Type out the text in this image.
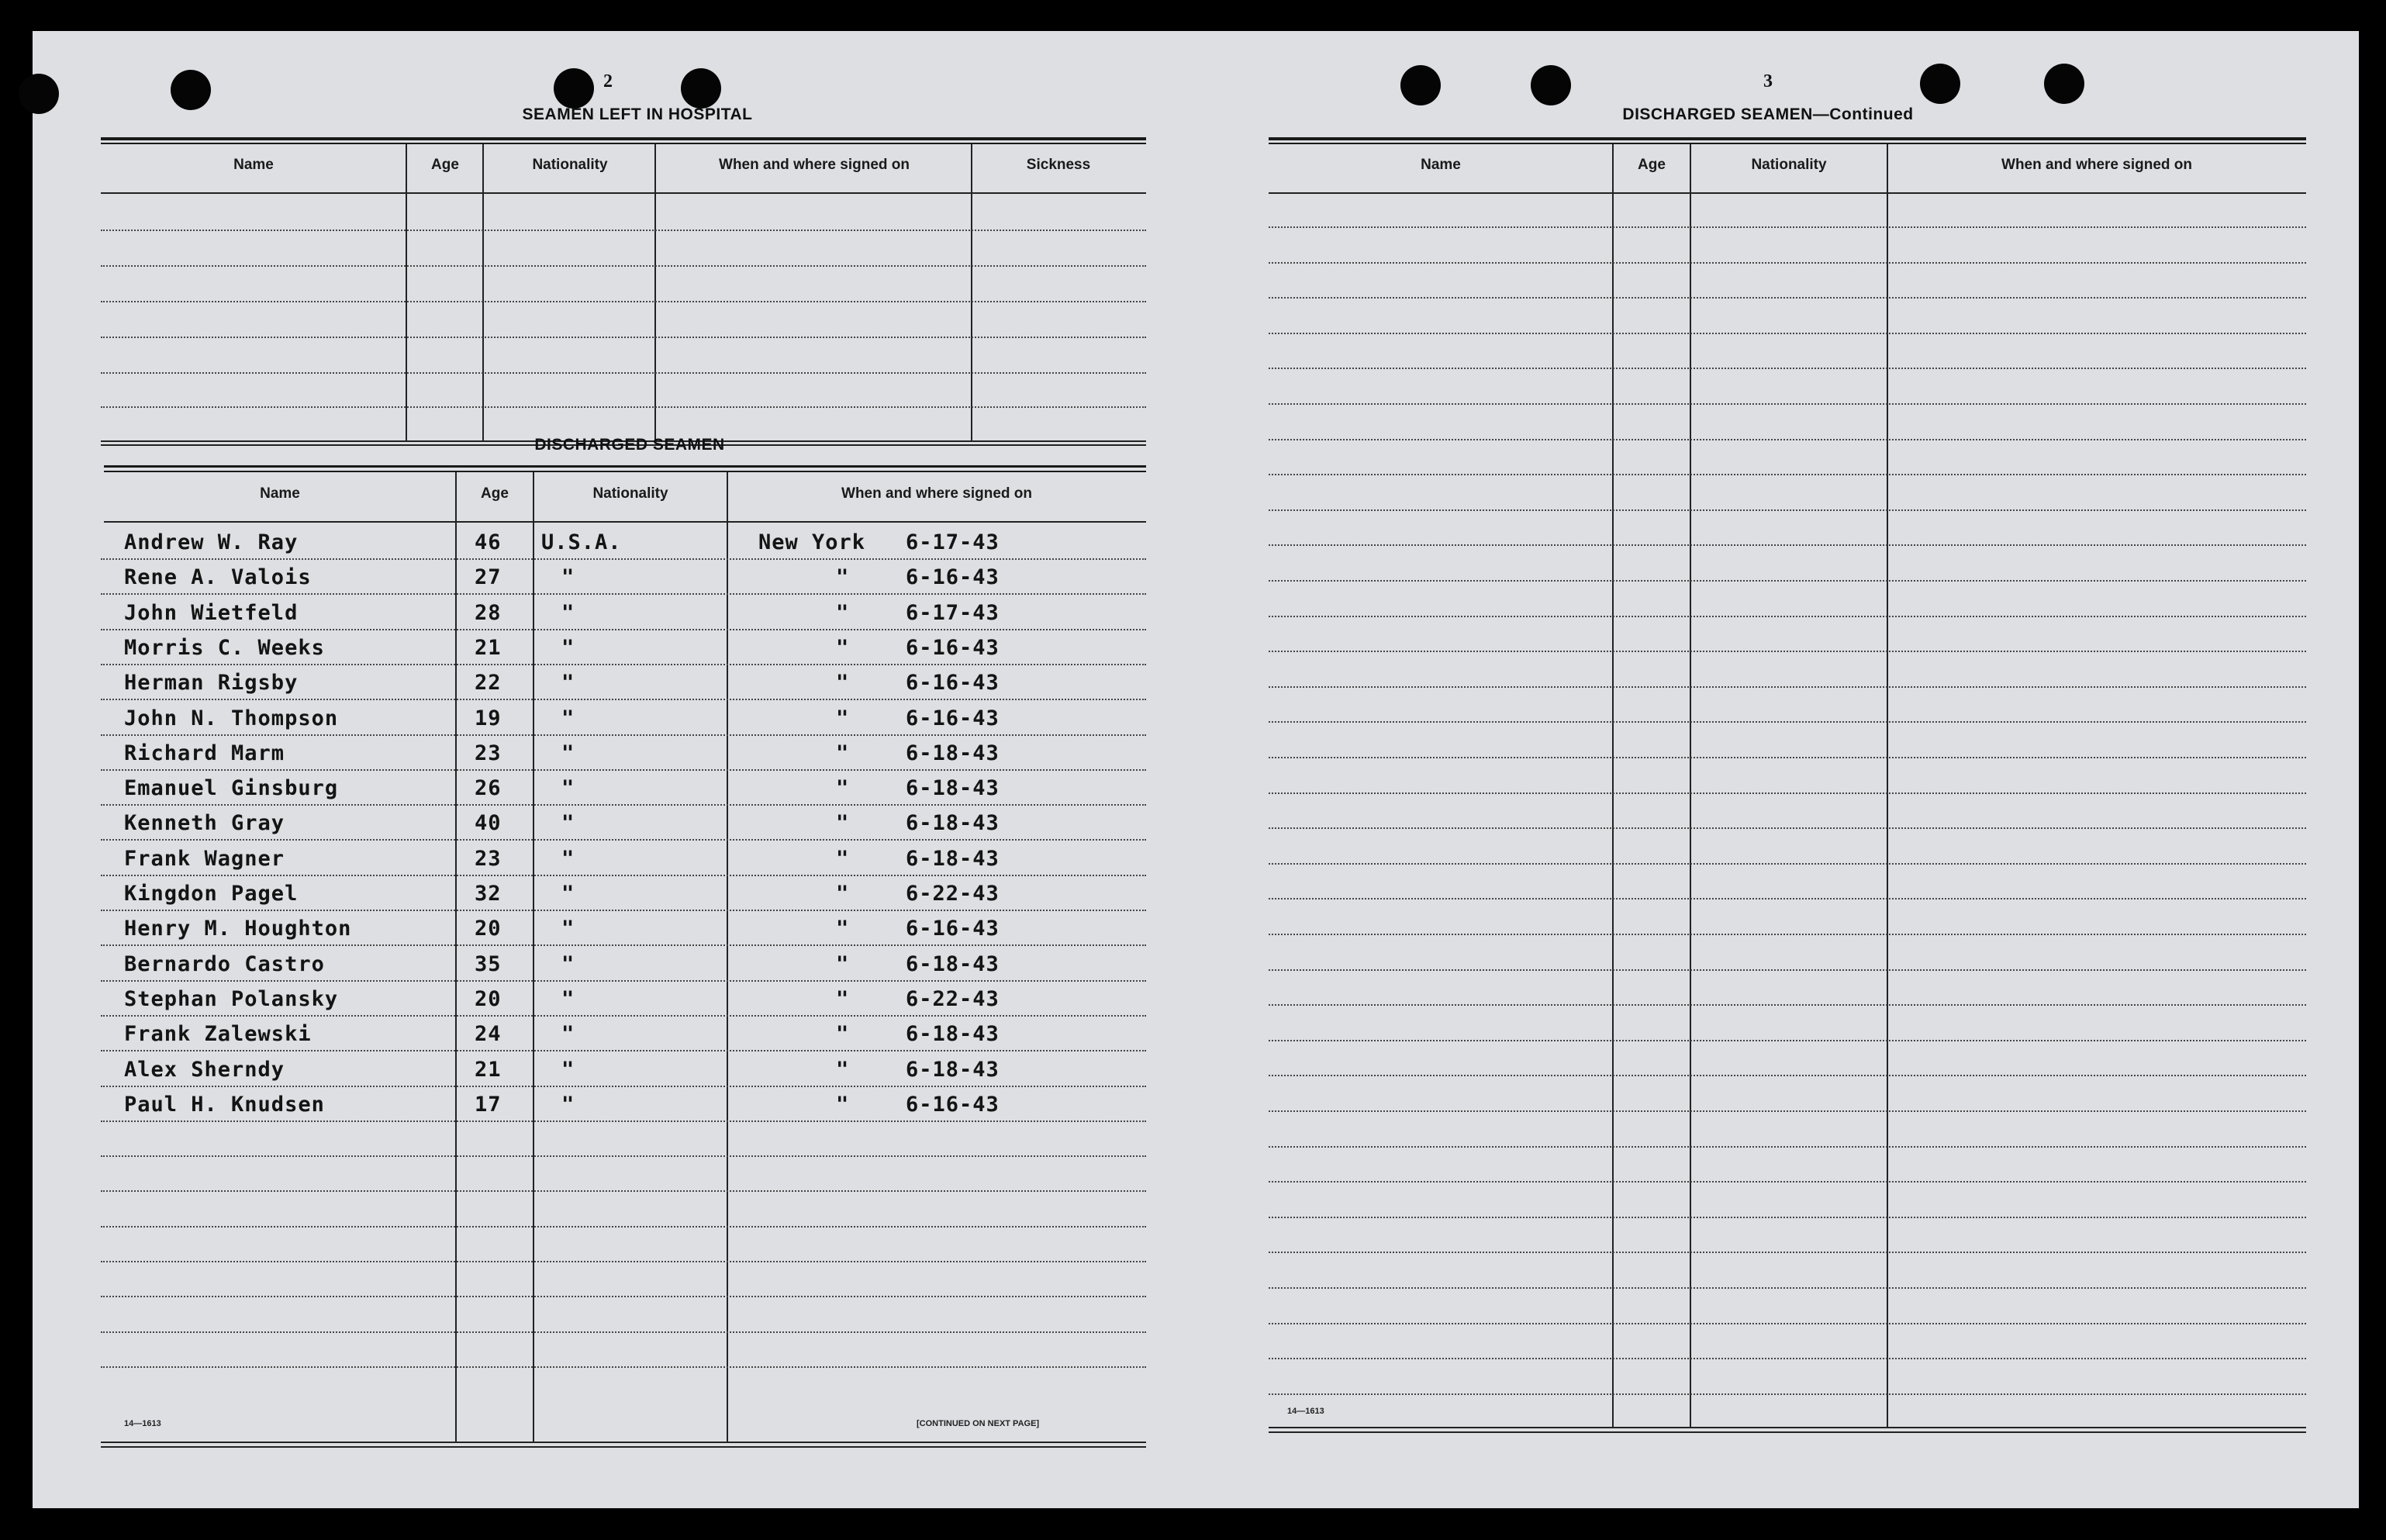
2
SEAMEN LEFT IN HOSPITAL
Name	Age	Nationality	When and where signed on	Sickness
DISCHARGED SEAMEN
Name	Age	Nationality	When and where signed on
Andrew W. Ray	46 U.S.A.	New York 6-17-43
Rene A. Valois	27	"	"	6-16-43
John Wietfeld	28	"	"	6-17-43
Morris C. Weeks	21	"	"	6-16-43
Herman Rigsby	22	"	"	6-16-43
John N. Thompson	19	"	"	6-16-43
Richard Marm	23	"	"	6-18-43
Emanuel Ginsburg	26	"	"	6-18-43
Kenneth Gray	40	"	"	6-18-43
Frank Wagner	23	"	"	6-18-43
Kingdon Pagel	32	"	"	6-22-43
Henry M. Houghton	20	"	"	6-16-43
Bernardo Castro	35	"	"	6-18-43
Stephan Polansky	20	"	"	6-22-43
Frank Zalewski	24	"	"	6-18-43
Alex Sherndy	21	"	"	6-18-43
Paul H. Knudsen	17	"	"	6-16-43
14—1613	[CONTINUED ON NEXT PAGE]
3
DISCHARGED SEAMEN—Continued
Name	Age	Nationality	When and where signed on
14—1613
